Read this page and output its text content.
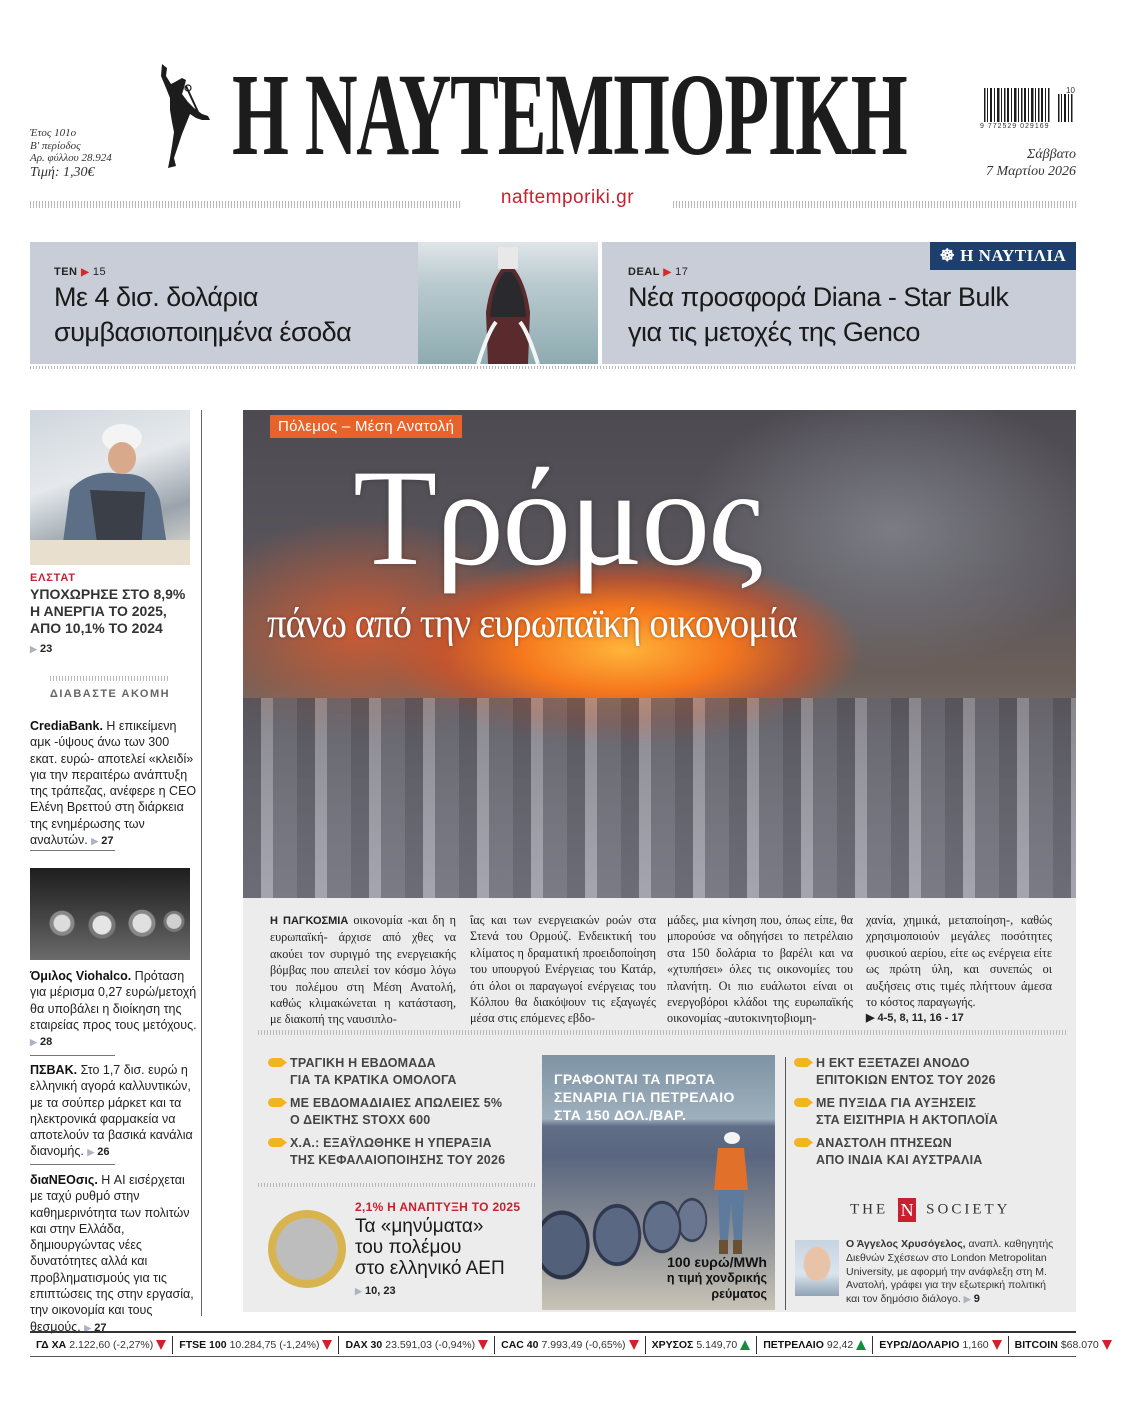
Έτος 101ο
Β' περίοδος
Αρ. φύλλου 28.924
Τιμή: 1,30€ Η ΝΑΥΤΕΜΠΟΡΙΚΗ	9 772529 029169
10
Σάββατο
7 Μαρτίου 2026
naftemporiki.gr
TEN ▶ 15
Με 4 δισ. δολάρια
συμβασιοποιημένα έσοδα
☸ Η ΝΑΥΤΙΛΙΑ
DEAL ▶ 17
Νέα προσφορά Diana - Star Bulk
για τις μετοχές της Genco
ΕΛΣΤΑΤ
ΥΠΟΧΩΡΗΣΕ ΣΤΟ 8,9%
Η ΑΝΕΡΓΙΑ ΤΟ 2025,
ΑΠΟ 10,1% ΤΟ 2024
▶ 23
ΔΙΑΒΑΣΤΕ ΑΚΟΜΗ
CrediaBank. Η επικείμενη αμκ -ύψους άνω των 300 εκατ. ευρώ- αποτελεί «κλειδί» για την περαιτέρω ανάπτυξη της τράπεζας, ανέφερε η CEO Ελένη Βρεττού στη διάρκεια της ενημέρωσης των αναλυτών. ▶ 27
Όμιλος Viohalco. Πρόταση για μέρισμα 0,27 ευρώ/μετοχή θα υποβάλει η διοίκηση της εταιρείας προς τους μετόχους. ▶ 28
ΠΣΒΑΚ. Στο 1,7 δισ. ευρώ η ελληνική αγορά καλλυντικών, με τα σούπερ μάρκετ και τα ηλεκτρονικά φαρμακεία να αποτελούν τα βασικά κανάλια διανομής. ▶ 26
διαΝΕΟσις. Η AI εισέρχεται με ταχύ ρυθμό στην καθημερινότητα των πολιτών και στην Ελλάδα, δημιουργώντας νέες δυνατότητες αλλά και προβληματισμούς για τις επιπτώσεις της στην εργασία, την οικονομία και τους θεσμούς. ▶ 27
Πόλεμος – Μέση Ανατολή
Τρόμος
πάνω από την ευρωπαϊκή οικονομία
Η ΠΑΓΚΟΣΜΙΑ οικονομία -και δη η ευρωπαϊκή- άρχισε από χθες να ακούει τον συριγμό της ενεργειακής βόμβας που απειλεί τον κόσμο λόγω του πολέμου στη Μέση Ανατολή, καθώς κλιμακώνεται η κατάσταση, με διακοπή της ναυσιπλο-
ΐας και των ενεργειακών ροών στα Στενά του Ορμούζ. Ενδεικτική του κλίματος η δραματική προειδοποίηση του υπουργού Ενέργειας του Κατάρ, ότι όλοι οι παραγωγοί ενέργειας του Κόλπου θα διακόψουν τις εξαγωγές μέσα στις επόμενες εβδο-
μάδες, μια κίνηση που, όπως είπε, θα μπορούσε να οδηγήσει το πετρέλαιο στα 150 δολάρια το βαρέλι και να «χτυπήσει» όλες τις οικονομίες του πλανήτη. Οι πιο ευάλωτοι είναι οι ενεργοβόροι κλάδοι της ευρωπαϊκής οικονομίας -αυτοκινητοβιομη-
χανία, χημικά, μεταποίηση-, καθώς χρησιμοποιούν μεγάλες ποσότητες φυσικού αερίου, είτε ως ενέργεια είτε ως πρώτη ύλη, και συνεπώς οι αυξήσεις στις τιμές πλήττουν άμεσα το κόστος παραγωγής.
▶ 4-5, 8, 11, 16 - 17
ΤΡΑΓΙΚΗ Η ΕΒΔΟΜΑΔΑ
ΓΙΑ ΤΑ ΚΡΑΤΙΚΑ ΟΜΟΛΟΓΑ
ΜΕ ΕΒΔΟΜΑΔΙΑΙΕΣ ΑΠΩΛΕΙΕΣ 5%
Ο ΔΕΙΚΤΗΣ STOXX 600
Χ.Α.: ΕΞΑΫΛΩΘΗΚΕ Η ΥΠΕΡΑΞΙΑ
ΤΗΣ ΚΕΦΑΛΑΙΟΠΟΙΗΣΗΣ ΤΟΥ 2026
Η ΕΚΤ ΕΞΕΤΑΖΕΙ ΑΝΟΔΟ
ΕΠΙΤΟΚΙΩΝ ΕΝΤΟΣ ΤΟΥ 2026
ΜΕ ΠΥΞΙΔΑ ΓΙΑ ΑΥΞΗΣΕΙΣ
ΣΤΑ ΕΙΣΙΤΗΡΙΑ Η ΑΚΤΟΠΛΟΪΑ
ΑΝΑΣΤΟΛΗ ΠΤΗΣΕΩΝ
ΑΠΟ ΙΝΔΙΑ ΚΑΙ ΑΥΣΤΡΑΛΙΑ
ΓΡΑΦΟΝΤΑΙ ΤΑ ΠΡΩΤΑ
ΣΕΝΑΡΙΑ ΓΙΑ ΠΕΤΡΕΛΑΙΟ
ΣΤΑ 150 ΔΟΛ./ΒΑΡ.
100 ευρώ/MWh
η τιμή χονδρικής
ρεύματος
2,1% Η ΑΝΑΠΤΥΞΗ ΤΟ 2025
Τα «μηνύματα»
του πολέμου
στο ελληνικό ΑΕΠ
▶ 10, 23
THE N SOCIETY
Ο Άγγελος Χρυσόγελος, αναπλ. καθηγητής Διεθνών Σχέσεων στο London Metropolitan University, με αφορμή την ανάφλεξη στη Μ. Ανατολή, γράφει για την εξωτερική πολιτική και τον δημόσιο διάλογο. ▶ 9
ΓΔ ΧΑ 2.122,60 (-2,27%) FTSE 100 10.284,75 (-1,24%) DAX 30 23.591,03 (-0,94%) CAC 40 7.993,49 (-0,65%) ΧΡΥΣΟΣ 5.149,70 ΠΕΤΡΕΛΑΙΟ 92,42 ΕΥΡΩ/ΔΟΛΑΡΙΟ 1,160 BITCOIN $68.070
